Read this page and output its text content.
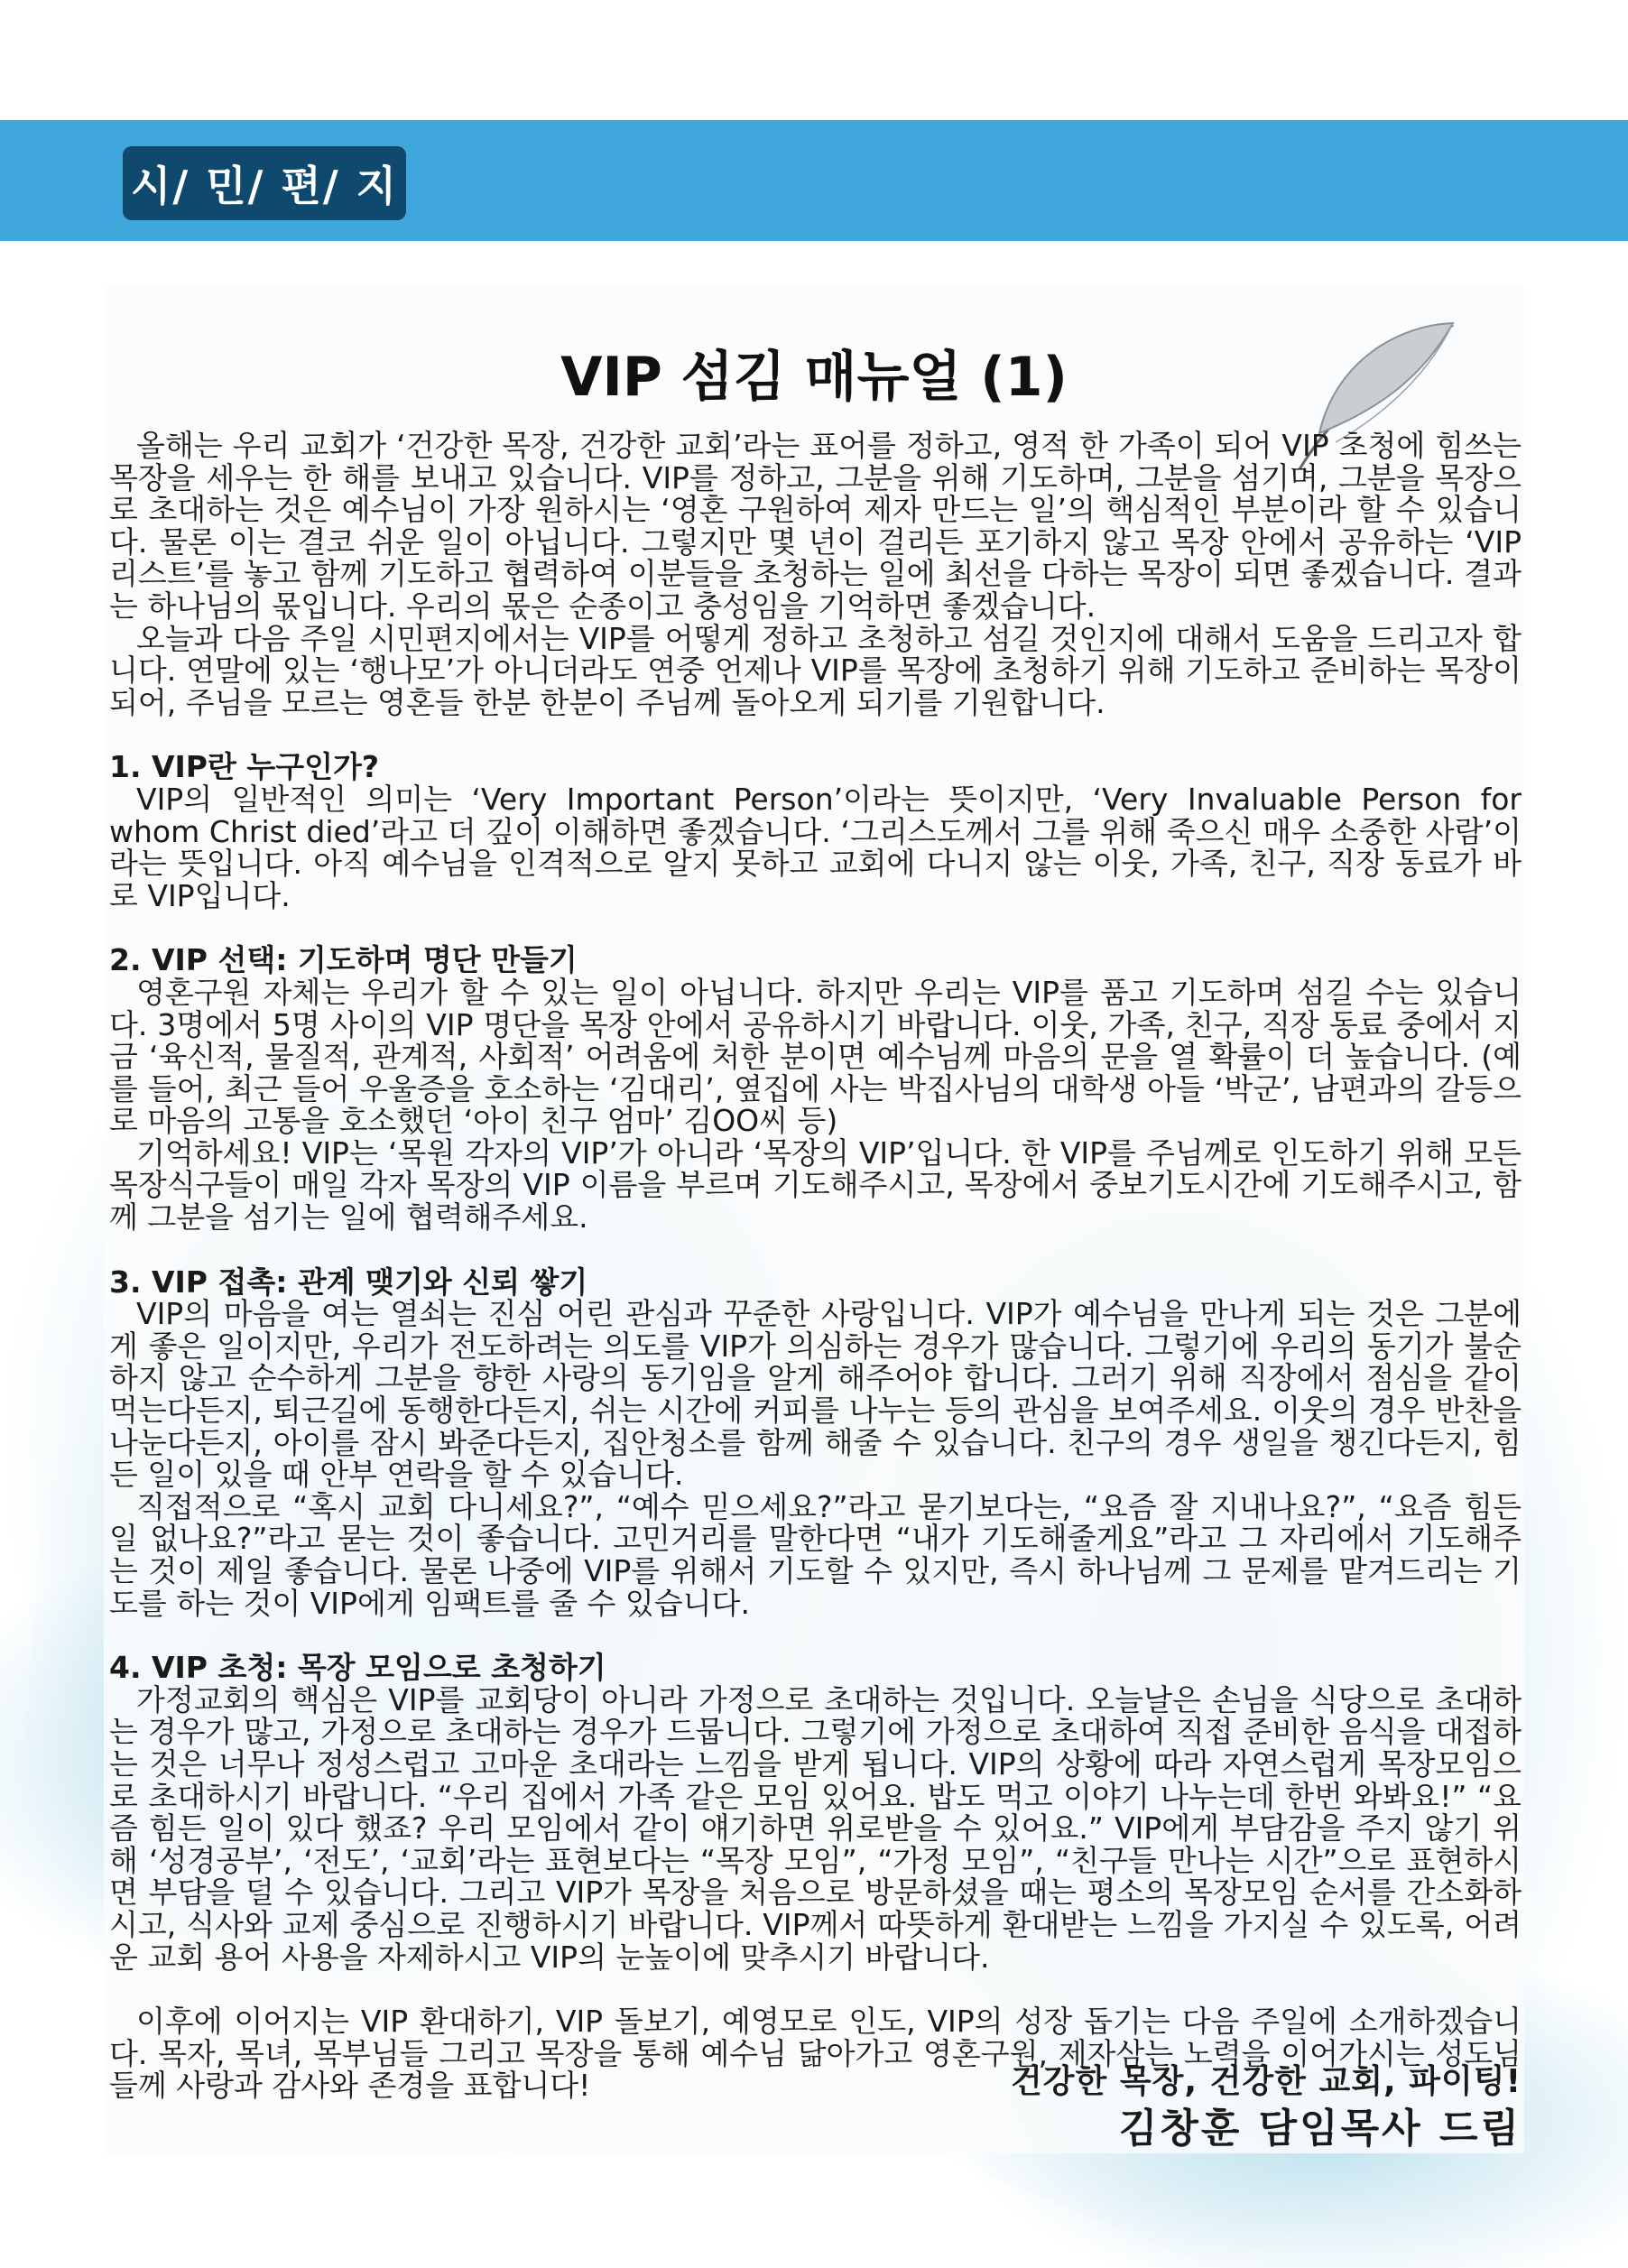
시/ 민/ 편/ 지
VIP 섬김 매뉴얼 (1)

올해는 우리 교회가 ‘건강한 목장, 건강한 교회’라는 표어를 정하고, 영적 한 가족이 되어 VIP 초청에 힘쓰는 목장을 세우는 한 해를 보내고 있습니다. VIP를 정하고, 그분을 위해 기도하며, 그분을 섬기며, 그분을 목장으로 초대하는 것은 예수님이 가장 원하시는 ‘영혼 구원하여 제자 만드는 일’의 핵심적인 부분이라 할 수 있습니다. 물론 이는 결코 쉬운 일이 아닙니다. 그렇지만 몇 년이 걸리든 포기하지 않고 목장 안에서 공유하는 ‘VIP 리스트’를 놓고 함께 기도하고 협력하여 이분들을 초청하는 일에 최선을 다하는 목장이 되면 좋겠습니다. 결과는 하나님의 몫입니다. 우리의 몫은 순종이고 충성임을 기억하면 좋겠습니다.

오늘과 다음 주일 시민편지에서는 VIP를 어떻게 정하고 초청하고 섬길 것인지에 대해서 도움을 드리고자 합니다. 연말에 있는 ‘행나모’가 아니더라도 연중 언제나 VIP를 목장에 초청하기 위해 기도하고 준비하는 목장이 되어, 주님을 모르는 영혼들 한분 한분이 주님께 돌아오게 되기를 기원합니다.

1. VIP란 누구인가?

VIP의 일반적인 의미는 ‘Very Important Person’이라는 뜻이지만, ‘Very Invaluable Person for whom Christ died’라고 더 깊이 이해하면 좋겠습니다. ‘그리스도께서 그를 위해 죽으신 매우 소중한 사람’이라는 뜻입니다. 아직 예수님을 인격적으로 알지 못하고 교회에 다니지 않는 이웃, 가족, 친구, 직장 동료가 바로 VIP입니다.

2. VIP 선택: 기도하며 명단 만들기

영혼구원 자체는 우리가 할 수 있는 일이 아닙니다. 하지만 우리는 VIP를 품고 기도하며 섬길 수는 있습니다. 3명에서 5명 사이의 VIP 명단을 목장 안에서 공유하시기 바랍니다. 이웃, 가족, 친구, 직장 동료 중에서 지금 ‘육신적, 물질적, 관계적, 사회적’ 어려움에 처한 분이면 예수님께 마음의 문을 열 확률이 더 높습니다. (예를 들어, 최근 들어 우울증을 호소하는 ‘김대리’, 옆집에 사는 박집사님의 대학생 아들 ‘박군’, 남편과의 갈등으로 마음의 고통을 호소했던 ‘아이 친구 엄마’ 김OO씨 등)

기억하세요! VIP는 ‘목원 각자의 VIP’가 아니라 ‘목장의 VIP’입니다. 한 VIP를 주님께로 인도하기 위해 모든 목장식구들이 매일 각자 목장의 VIP 이름을 부르며 기도해주시고, 목장에서 중보기도시간에 기도해주시고, 함께 그분을 섬기는 일에 협력해주세요.

3. VIP 접촉: 관계 맺기와 신뢰 쌓기

VIP의 마음을 여는 열쇠는 진심 어린 관심과 꾸준한 사랑입니다. VIP가 예수님을 만나게 되는 것은 그분에게 좋은 일이지만, 우리가 전도하려는 의도를 VIP가 의심하는 경우가 많습니다. 그렇기에 우리의 동기가 불순하지 않고 순수하게 그분을 향한 사랑의 동기임을 알게 해주어야 합니다. 그러기 위해 직장에서 점심을 같이 먹는다든지, 퇴근길에 동행한다든지, 쉬는 시간에 커피를 나누는 등의 관심을 보여주세요. 이웃의 경우 반찬을 나눈다든지, 아이를 잠시 봐준다든지, 집안청소를 함께 해줄 수 있습니다. 친구의 경우 생일을 챙긴다든지, 힘든 일이 있을 때 안부 연락을 할 수 있습니다.

직접적으로 “혹시 교회 다니세요?”, “예수 믿으세요?”라고 묻기보다는, “요즘 잘 지내나요?”, “요즘 힘든 일 없나요?”라고 묻는 것이 좋습니다. 고민거리를 말한다면 “내가 기도해줄게요”라고 그 자리에서 기도해주는 것이 제일 좋습니다. 물론 나중에 VIP를 위해서 기도할 수 있지만, 즉시 하나님께 그 문제를 맡겨드리는 기도를 하는 것이 VIP에게 임팩트를 줄 수 있습니다.

4. VIP 초청: 목장 모임으로 초청하기

가정교회의 핵심은 VIP를 교회당이 아니라 가정으로 초대하는 것입니다. 오늘날은 손님을 식당으로 초대하는 경우가 많고, 가정으로 초대하는 경우가 드뭅니다. 그렇기에 가정으로 초대하여 직접 준비한 음식을 대접하는 것은 너무나 정성스럽고 고마운 초대라는 느낌을 받게 됩니다. VIP의 상황에 따라 자연스럽게 목장모임으로 초대하시기 바랍니다. “우리 집에서 가족 같은 모임 있어요. 밥도 먹고 이야기 나누는데 한번 와봐요!” “요즘 힘든 일이 있다 했죠? 우리 모임에서 같이 얘기하면 위로받을 수 있어요.” VIP에게 부담감을 주지 않기 위해 ‘성경공부’, ‘전도’, ‘교회’라는 표현보다는 “목장 모임”, “가정 모임”, “친구들 만나는 시간”으로 표현하시면 부담을 덜 수 있습니다. 그리고 VIP가 목장을 처음으로 방문하셨을 때는 평소의 목장모임 순서를 간소화하시고, 식사와 교제 중심으로 진행하시기 바랍니다. VIP께서 따뜻하게 환대받는 느낌을 가지실 수 있도록, 어려운 교회 용어 사용을 자제하시고 VIP의 눈높이에 맞추시기 바랍니다.

이후에 이어지는 VIP 환대하기, VIP 돌보기, 예영모로 인도, VIP의 성장 돕기는 다음 주일에 소개하겠습니다. 목자, 목녀, 목부님들 그리고 목장을 통해 예수님 닮아가고 영혼구원, 제자삼는 노력을 이어가시는 성도님들께 사랑과 감사와 존경을 표합니다!	건강한 목장, 건강한 교회, 파이팅!
김창훈 담임목사 드림
